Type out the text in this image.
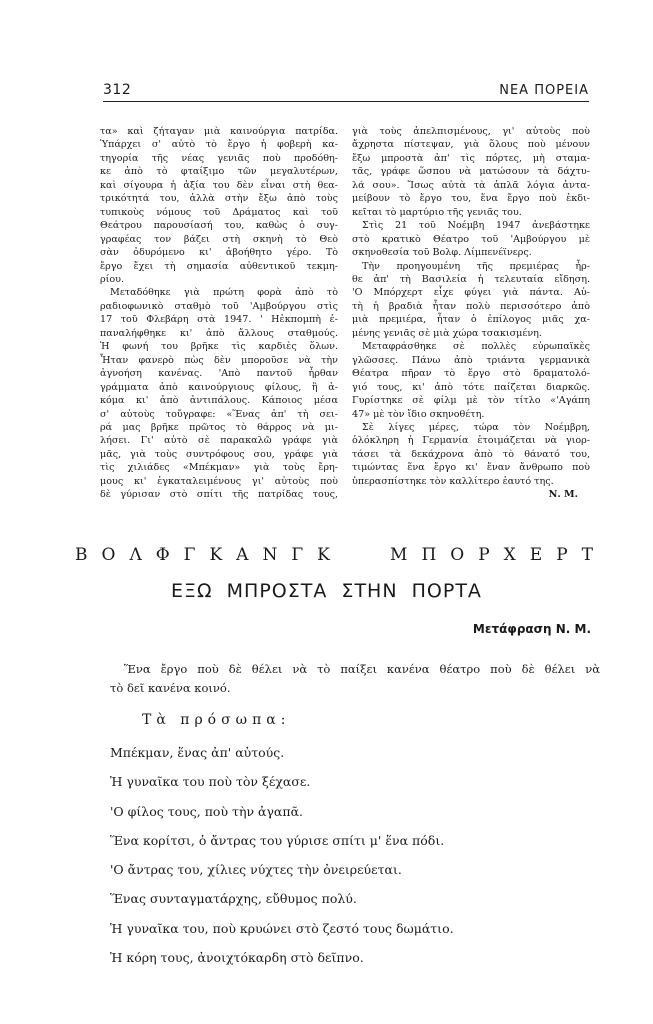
312	ΝΕΑ ΠΟΡΕΙΑ
τα» καὶ ζήταγαν μιὰ καινούργια πατρίδα.
Ὑπάρχει σ' αὐτὸ τὸ ἔργο ἡ φοβερὴ κα-
τηγορία τῆς νέας γενιᾶς ποὺ προδόθη-
κε ἀπὸ τὸ φταίξιμο τῶν μεγαλυτέρων,
καὶ σίγουρα ἡ ἀξία του δὲν εἶναι στὴ θεα-
τρικότητά του, ἀλλὰ στὴν ἔξω ἀπὸ τοὺς
τυπικοὺς νόμους τοῦ Δράματος καὶ τοῦ
Θεάτρου παρουσίασή του, καθὼς ὁ συγ-
γραφέας τον βάζει στὴ σκηνὴ τὸ Θεὸ
σὰν ὀδυρόμενο κι' ἀβοήθητο γέρο. Τὸ
ἔργο ἔχει τὴ σημασία αὐθεντικοῦ τεκμη-
ρίου.
Μεταδόθηκε γιὰ πρώτη φορὰ ἀπὸ τὸ
ραδιοφωνικὸ σταθμὸ τοῦ 'Αμβούργου στὶς
17 τοῦ Φλεβάρη στὰ 1947. ' Ηἐκπομπὴ ἐ-
παναλήφθηκε κι' ἀπὸ ἄλλους σταθμούς.
Ἡ φωνή του βρῆκε τὶς καρδιὲς ὅλων.
Ἦταν φανερὸ πὼς δὲν μποροῦσε νὰ τὴν
ἀγνοήση κανένας. 'Απὸ παντοῦ ἦρθαν
γράμματα ἀπὸ καινούργιους φίλους, ἢ ἀ-
κόμα κι' ἀπὸ ἀντιπάλους. Κάποιος μέσα
σ' αὐτοὺς τοὔγραφε: «Ἕνας ἀπ' τὴ σει-
ρά μας βρῆκε πρῶτος τὸ θάρρος νὰ μι-
λήσει. Γι' αὐτὸ σὲ παρακαλῶ γράφε γιὰ
μᾶς, γιὰ τοὺς συντρόφους σου, γράφε γιὰ
τὶς χιλιάδες «Μπέκμαν» γιὰ τοὺς ἔρη-
μους κι' ἐγκαταλειμένους γι' αὐτοὺς ποὺ
δὲ γύρισαν στὸ σπίτι τῆς πατρίδας τους,
γιὰ τοὺς ἀπελπισμένους, γι' αὐτοὺς ποὺ
ἄχρηστα πίστεψαν, γιὰ ὅλους ποὺ μένουν
ἔξω μπροστὰ ἀπ' τὶς πόρτες, μὴ σταμα-
τᾶς, γράφε ὥσπου νὰ ματώσουν τὰ δάχτυ-
λά σου». Ἴσως αὐτὰ τὰ ἁπλᾶ λόγια ἀντα-
μείβουν τὸ ἔργο του, ἕνα ἔργο ποὺ ἐκδι-
κεῖται τὸ μαρτύριο τῆς γενιᾶς του.
Στὶς 21 τοῦ Νοέμβη 1947 ἀνεβάστηκε
στὸ κρατικὸ Θέατρο τοῦ 'Αμβούργου μὲ
σκηνοθεσία τοῦ Βολφ. Λίμπενέϊνερς.
Τὴν προηγουμένη τῆς πρεμιέρας ἦρ-
θε ἀπ' τὴ Βασιλεία ἡ τελευταία εἴδηση.
'Ο Μπόρχερτ εἶχε φύγει γιὰ πάντα. Αὐ-
τὴ ἡ βραδιὰ ἦταν πολὺ περισσότερο ἀπὸ
μιὰ πρεμιέρα, ἦταν ὁ ἐπίλογος μιᾶς χα-
μένης γενιᾶς σὲ μιὰ χώρα τσακισμένη.
Μεταφράσθηκε σὲ πολλὲς εὐρωπαϊκὲς
γλῶσσες. Πάνω ἀπὸ τριάντα γερμανικὰ
Θέατρα πῆραν τὸ ἔργο στὸ δραματολό-
γιό τους, κι' ἀπὸ τότε παίζεται διαρκῶς.
Γυρίστηκε σὲ φίλμ μὲ τὸν τίτλο «'Αγάπη
47» μὲ τὸν ἴδιο σκηνοθέτη.
Σὲ λίγες μέρες, τώρα τὸν Νοέμβρη,
ὁλόκληρη ἡ Γερμανία ἑτοιμάζεται νὰ γιορ-
τάσει τὰ δεκάχρονα ἀπὸ τὸ θάνατό του,
τιμώντας ἕνα ἔργο κι' ἕναν ἄνθρωπο ποὺ
ὑπερασπίστηκε τὸν καλλίτερο ἑαυτό της.
Ν. Μ.
Β Ο Λ Φ Γ Κ Α Ν Γ Κ	Μ Π Ο Ρ Χ Ε Ρ Τ
ΕΞΩ  ΜΠΡΟΣΤΑ  ΣΤΗΝ  ΠΟΡΤΑ
Μετάφραση Ν. Μ.
Ἕνα ἔργο ποὺ δὲ θέλει νὰ τὸ παίξει κανένα θέατρο ποὺ δὲ θέλει νὰ
τὸ δεῖ κανένα κοινό.
Τὰ πρόσωπα:
Μπέκμαν, ἕνας ἀπ' αὐτούς.
Ἡ γυναῖκα του ποὺ τὸν ξέχασε.
'Ο φίλος τους, ποὺ τὴν ἀγαπᾶ.
Ἕνα κορίτσι, ὁ ἄντρας του γύρισε σπίτι μ' ἕνα πόδι.
'Ο ἄντρας του, χίλιες νύχτες τὴν ὀνειρεύεται.
Ἕνας συνταγματάρχης, εὔθυμος πολύ.
Ἡ γυναῖκα του, ποὺ κρυώνει στὸ ζεστό τους δωμάτιο.
Ἡ κόρη τους, ἀνοιχτόκαρδη στὸ δεῖπνο.
